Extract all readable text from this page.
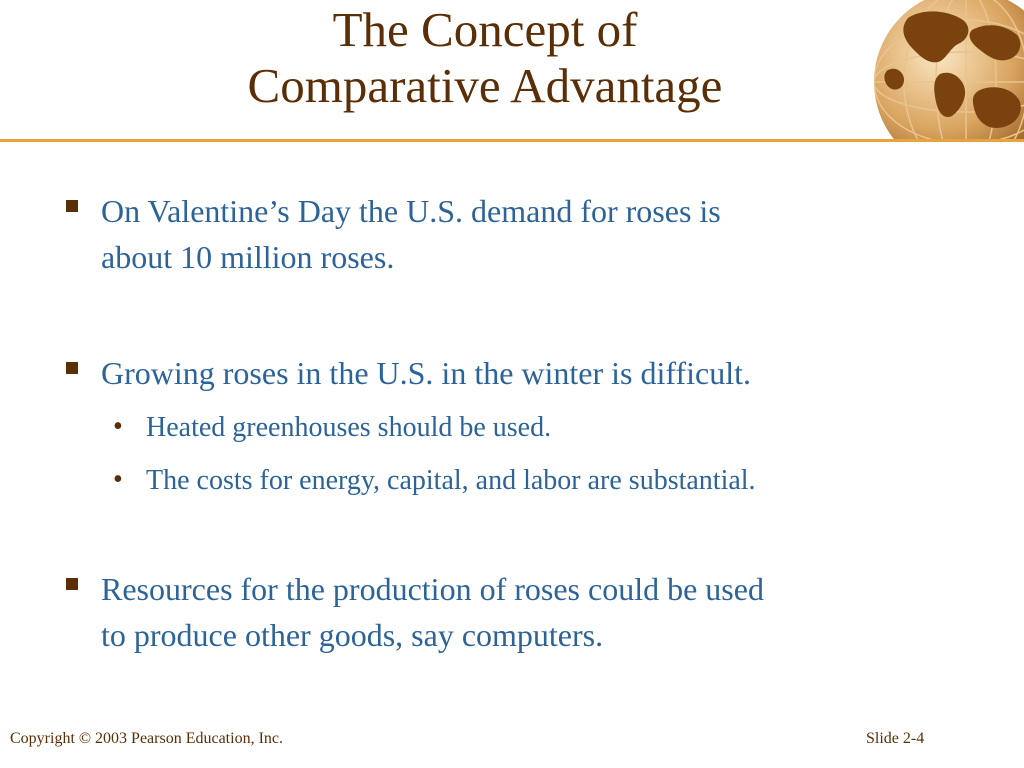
The Concept of
Comparative Advantage
On Valentine’s Day the U.S. demand for roses is
about 10 million roses.
Growing roses in the U.S. in the winter is difficult.
• Heated greenhouses should be used.
• The costs for energy, capital, and labor are substantial.
Resources for the production of roses could be used
to produce other goods, say computers.
Copyright © 2003 Pearson Education, Inc.	Slide 2-4
